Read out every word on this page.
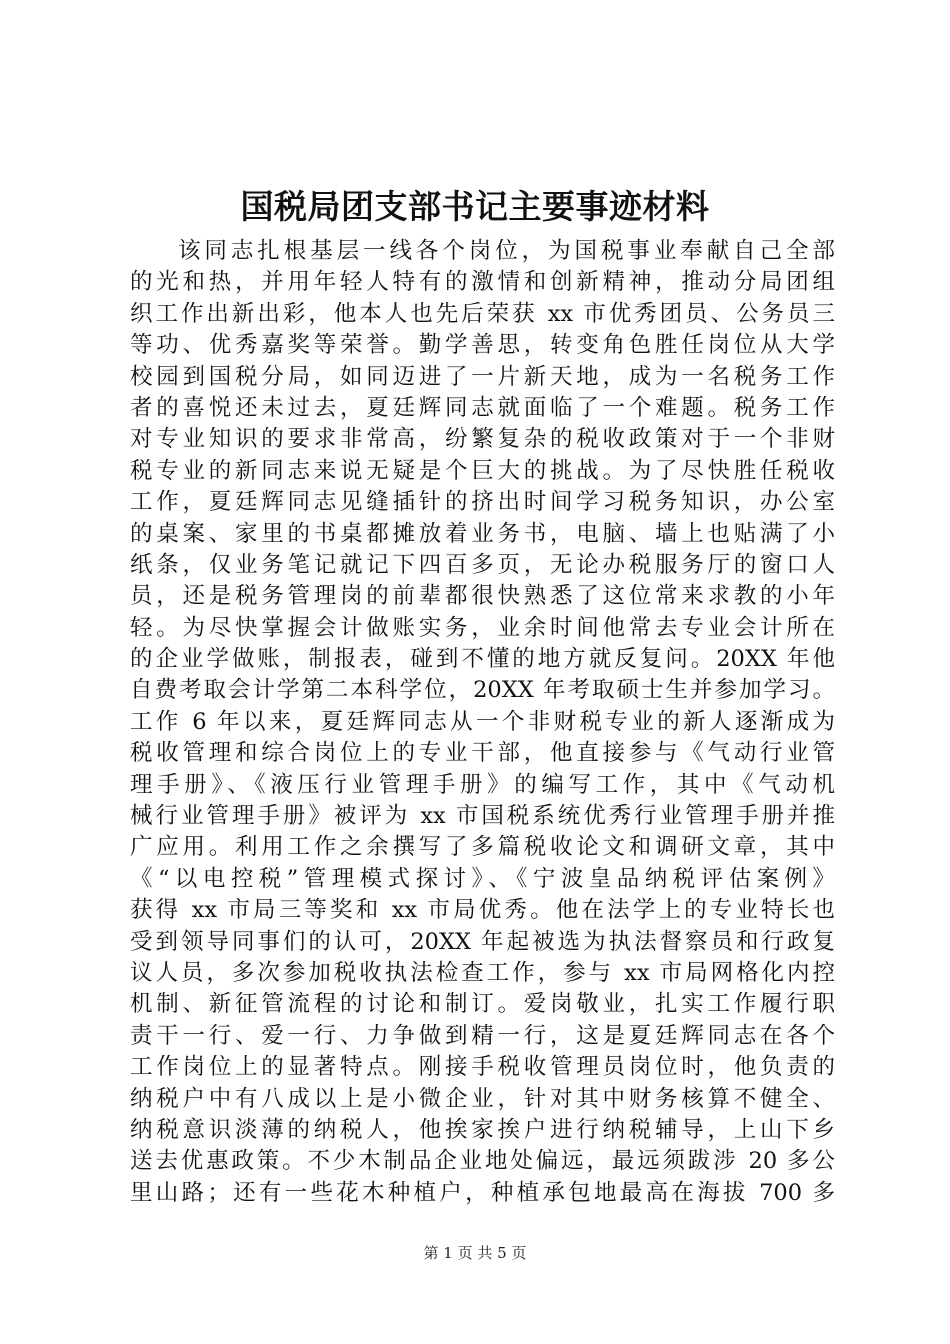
国税局团支部书记主要事迹材料
该同志扎根基层一线各个岗位，为国税事业奉献自己全部
的光和热，并用年轻人特有的激情和创新精神，推动分局团组
织工作出新出彩，他本人也先后荣获 xx 市优秀团员、公务员三
等功、优秀嘉奖等荣誉。勤学善思，转变角色胜任岗位从大学
校园到国税分局，如同迈进了一片新天地，成为一名税务工作
者的喜悦还未过去，夏廷辉同志就面临了一个难题。税务工作
对专业知识的要求非常高，纷繁复杂的税收政策对于一个非财
税专业的新同志来说无疑是个巨大的挑战。为了尽快胜任税收
工作，夏廷辉同志见缝插针的挤出时间学习税务知识，办公室
的桌案、家里的书桌都摊放着业务书，电脑、墙上也贴满了小
纸条，仅业务笔记就记下四百多页，无论办税服务厅的窗口人
员，还是税务管理岗的前辈都很快熟悉了这位常来求教的小年
轻。为尽快掌握会计做账实务，业余时间他常去专业会计所在
的企业学做账，制报表，碰到不懂的地方就反复问。20XX 年他
自费考取会计学第二本科学位，20XX 年考取硕士生并参加学习。
工作 6 年以来，夏廷辉同志从一个非财税专业的新人逐渐成为
税收管理和综合岗位上的专业干部，他直接参与《气动行业管
理手册》、《液压行业管理手册》的编写工作，其中《气动机
械行业管理手册》被评为 xx 市国税系统优秀行业管理手册并推
广应用。利用工作之余撰写了多篇税收论文和调研文章，其中
《“以电控税”管理模式探讨》、《宁波皇品纳税评估案例》
获得 xx 市局三等奖和 xx 市局优秀。他在法学上的专业特长也
受到领导同事们的认可，20XX 年起被选为执法督察员和行政复
议人员，多次参加税收执法检查工作，参与 xx 市局网格化内控
机制、新征管流程的讨论和制订。爱岗敬业，扎实工作履行职
责干一行、爱一行、力争做到精一行，这是夏廷辉同志在各个
工作岗位上的显著特点。刚接手税收管理员岗位时，他负责的
纳税户中有八成以上是小微企业，针对其中财务核算不健全、
纳税意识淡薄的纳税人，他挨家挨户进行纳税辅导，上山下乡
送去优惠政策。不少木制品企业地处偏远，最远须跋涉 20 多公
里山路；还有一些花木种植户，种植承包地最高在海拔 700 多
第 1 页 共 5 页
